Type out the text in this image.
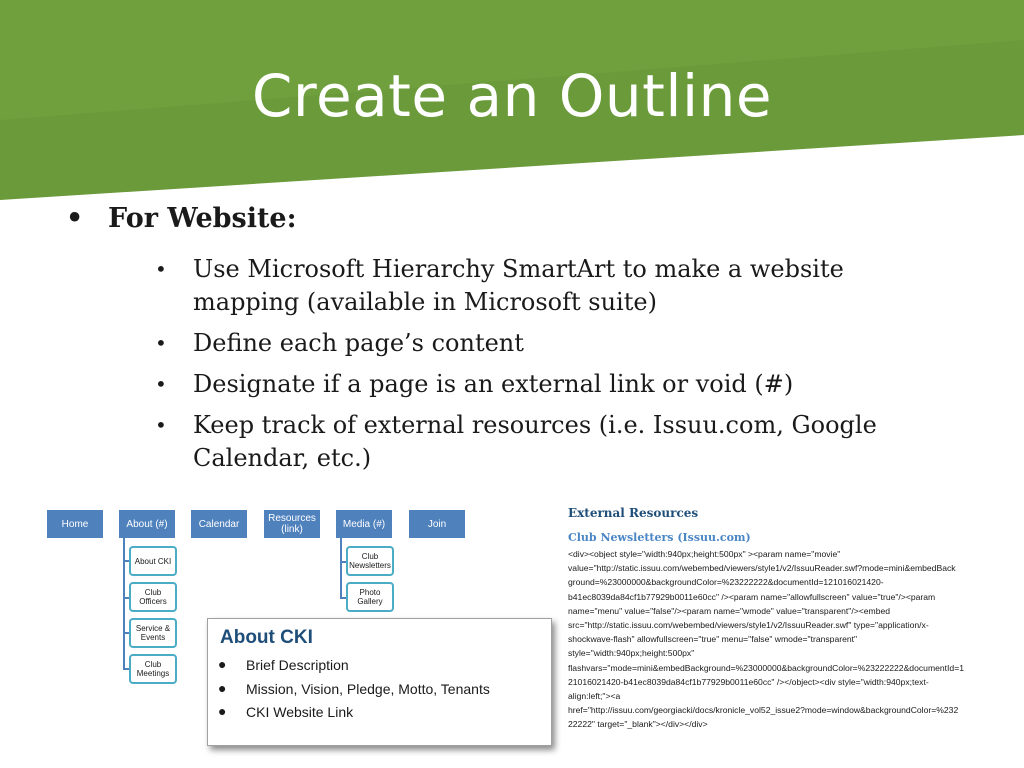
Create an Outline
• For Website:
• Use Microsoft Hierarchy SmartArt to make a website mapping (available in Microsoft suite)
• Define each page’s content
• Designate if a page is an external link or void (#)
• Keep track of external resources (i.e. Issuu.com, Google Calendar, etc.)
Home	About (#)	Calendar	Resources (link)	Media (#)	Join
About CKI
Club Officers
Service & Events
Club Meetings
Club Newsletters
Photo Gallery
About CKI
● Brief Description
● Mission, Vision, Pledge, Motto, Tenants
● CKI Website Link
External Resources
Club Newsletters (Issuu.com)
<div><object style="width:940px;height:500px" ><param name="movie"
value="http://static.issuu.com/webembed/viewers/style1/v2/IssuuReader.swf?mode=mini&embedBack
ground=%23000000&backgroundColor=%23222222&documentId=121016021420-
b41ec8039da84cf1b77929b0011e60cc" /><param name="allowfullscreen" value="true"/><param
name="menu" value="false"/><param name="wmode" value="transparent"/><embed
src="http://static.issuu.com/webembed/viewers/style1/v2/IssuuReader.swf" type="application/x-
shockwave-flash" allowfullscreen="true" menu="false" wmode="transparent"
style="width:940px;height:500px"
flashvars="mode=mini&embedBackground=%23000000&backgroundColor=%23222222&documentId=1
21016021420-b41ec8039da84cf1b77929b0011e60cc" /></object><div style="width:940px;text-
align:left;"><a
href="http://issuu.com/georgiacki/docs/kronicle_vol52_issue2?mode=window&backgroundColor=%232
22222" target="_blank"></div></div>
